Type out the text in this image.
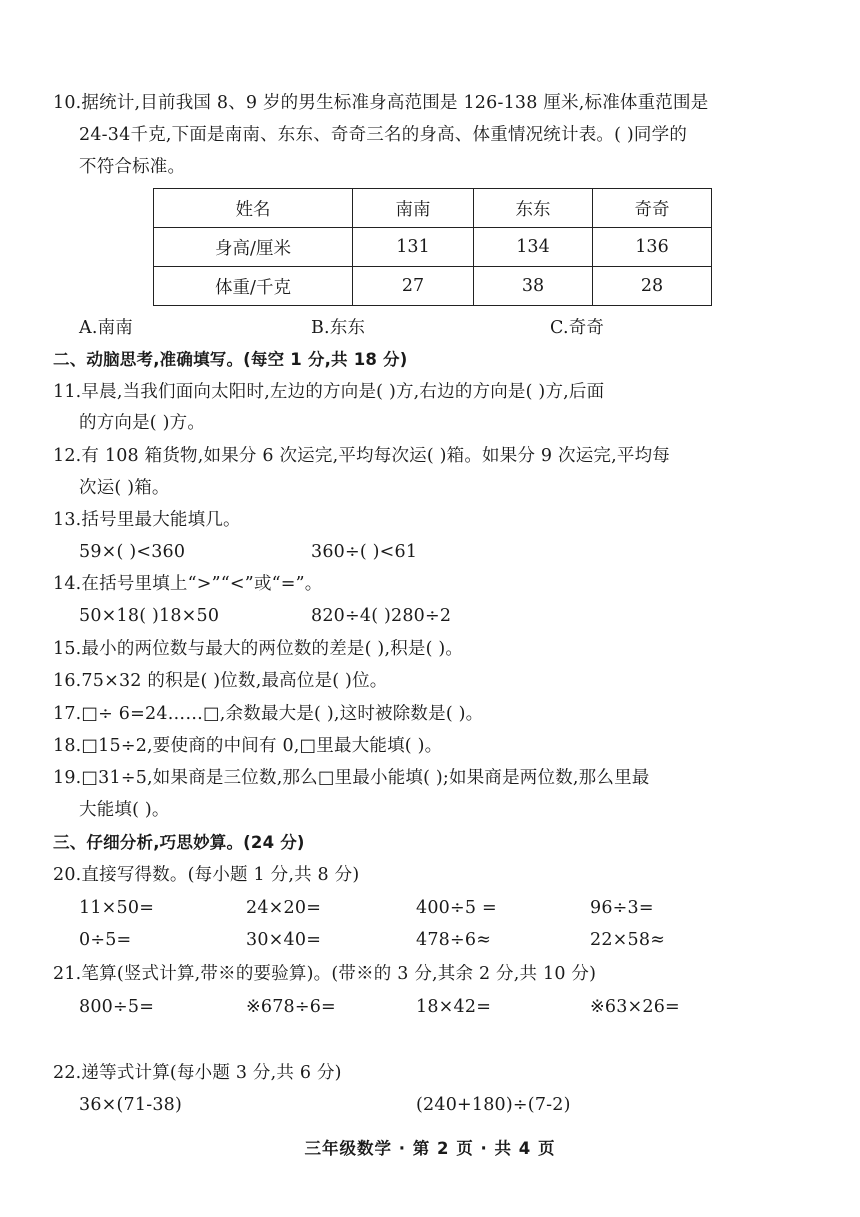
10.据统计,目前我国 8、9 岁的男生标准身高范围是 126-138 厘米,标准体重范围是
24-34千克,下面是南南、东东、奇奇三名的身高、体重情况统计表。( )同学的
不符合标准。
姓名	南南	东东	奇奇
身高/厘米	131	134	136
体重/千克	27	38	28
A.南南	B.东东	C.奇奇
二、动脑思考,准确填写。(每空 1 分,共 18 分)
11.早晨,当我们面向太阳时,左边的方向是( )方,右边的方向是( )方,后面
的方向是( )方。
12.有 108 箱货物,如果分 6 次运完,平均每次运( )箱。如果分 9 次运完,平均每
次运( )箱。
13.括号里最大能填几。
59×( )<360	360÷( )<61
14.在括号里填上“>”“<”或“=”。
50×18( )18×50	820÷4( )280÷2
15.最小的两位数与最大的两位数的差是( ),积是( )。
16.75×32 的积是( )位数,最高位是( )位。
17.□÷ 6=24……□,余数最大是( ),这时被除数是( )。
18.□15÷2,要使商的中间有 0,□里最大能填( )。
19.□31÷5,如果商是三位数,那么□里最小能填( );如果商是两位数,那么里最
大能填( )。
三、仔细分析,巧思妙算。(24 分)
20.直接写得数。(每小题 1 分,共 8 分)
11×50=	24×20=	400÷5 =	96÷3=
0÷5=	30×40=	478÷6≈	22×58≈
21.笔算(竖式计算,带※的要验算)。(带※的 3 分,其余 2 分,共 10 分)
800÷5=	※678÷6=	18×42=	※63×26=
22.递等式计算(每小题 3 分,共 6 分)
36×(71-38)	(240+180)÷(7-2)
三年级数学 · 第 2 页 · 共 4 页
